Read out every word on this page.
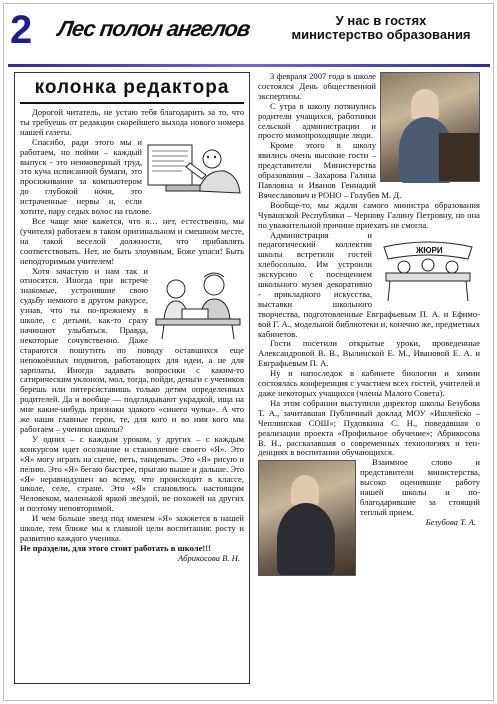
2 Лес полон ангелов	У нас в гостях
министерство образования
колонка редактора

Дорогой читатель, не устаю тебя благодарить за то, что ты требуешь от редакции скорейшего выхода нового номера нашей газеты.

Спасибо, ради этого мы и работаем, но пойми – каждый выпуск - это неимоверный труд, это куча исписанной бумаги, это просиживание за компьютером до глубокой ночи, это истраченные нервы и, если хотите, пару седых волос на голове.

Все чаще мне кажется, что я… нет, естественно, мы (учителя) работаем в таком оригинальном и смешном месте, на такой веселой должности, что прибавлять соответствовать. Нет, не быть злоумным, Боже упаси! Быть неподторимым учителем!

Хотя зачастую и нам так и относятся. Иногда при встрече знакомые, устроившие свою судьбу немного в другом ракурсе, узнав, что ты по-прежнему в школе, с детьми, как-то сразу начинают улыбаться. Правда, некоторые сочувственно. Даже стараются пошутить по поводу оставшихся еще непокоённых подвигов, работающих для идеи, а не для зарплаты. Иногда задавать вопросики с каким-то сатирическим уклоном, мол, тогда, пойди, деньги с учеников берешь или питерсиставишь только детям определенных родителей. Да и вообще — подглядывают украдкой, ища на мне какие-нибудь признаки эдакого «синего чулка». А что же наши главные герои, те, для кого и во имя кого мы работаем – ученики школы?

У одних – с каждым уроком, у других – с каждым конкурсом идет осознание и становление своего «Я». Это «Я» могу играть на сцене, петь, танцевать. Это «Я» рисую и пелию. Это «Я» бегаю быстрее, прыгаю выше и дальше. Это «Я» неравнодушен ко всему, что происходит в классе, школе, селе, стране. Это «Я» становлюсь настоящим Человеком, маленькой яркой звездой, не похожей на других и поэтому неповторимой.

И чем больше звезд под именем «Я» зажжется в нашей школе, тем ближе мы к главной цели воспитания: росту и развитию каждого ученика.

Не праздели, для этого стоит работать в школе!!!

Абрикосова В. Н.

3 февраля 2007 года в школе состоялся День общественной экспертизы.

С утра в школу потянулись родители учащихся, работники сельской администрации и просто мимопроходящие люди.

Кроме этого в школу явились очень высокие гости – представители Министерства образования – Захарова Галина Павловна и Иванов Геннадий Вячеславович и РОНО – Голубев М. Д.

Вообще-то, мы ждали самого министра образования Чувашской Республики – Чернову Галину Петровну, но она по уважительной причине приехать не смогла.

ЖЮРИ

Администрация и педагогический коллектив школы встретили гостей хлебосольно. Им устроили экскурсию с посещением школьного музея декоративно - прикладного искусства, выставки школьного творчества, подготовленные Евграфьевым П. А. и Ефимовой Г. А., модельной библиотеки и, конечно же, предметных кабинетов.

Гости посетили открытые уроки, проведенные Александровой В. В., Вылинской Е. М., Ивановой Е. А. и Евграфьевым П. А.

Ну и напоследок в кабинете биологии и химии состоялась конференция с участием всех гостей, учителей и даже некоторых учащихся (члены Малого Совета).

На этом собрании выступили директор школы Безубова Т. А., зачитавшая Публичный доклад МОУ «Ишлейско – Чеплинская СОШ»; Пудовкина С. Н., поведавшая о реализации проекта «Профильное обучение»; Абрикосова В. Н., рассказавшая о современных технологиях и тенденциях в воспитании обучающихся.

Взаимное слово и представители министерства, высоко оценившие работу нашей школы и поблагодарившие за стоящий теплый прием.

Безубова Т. А.
